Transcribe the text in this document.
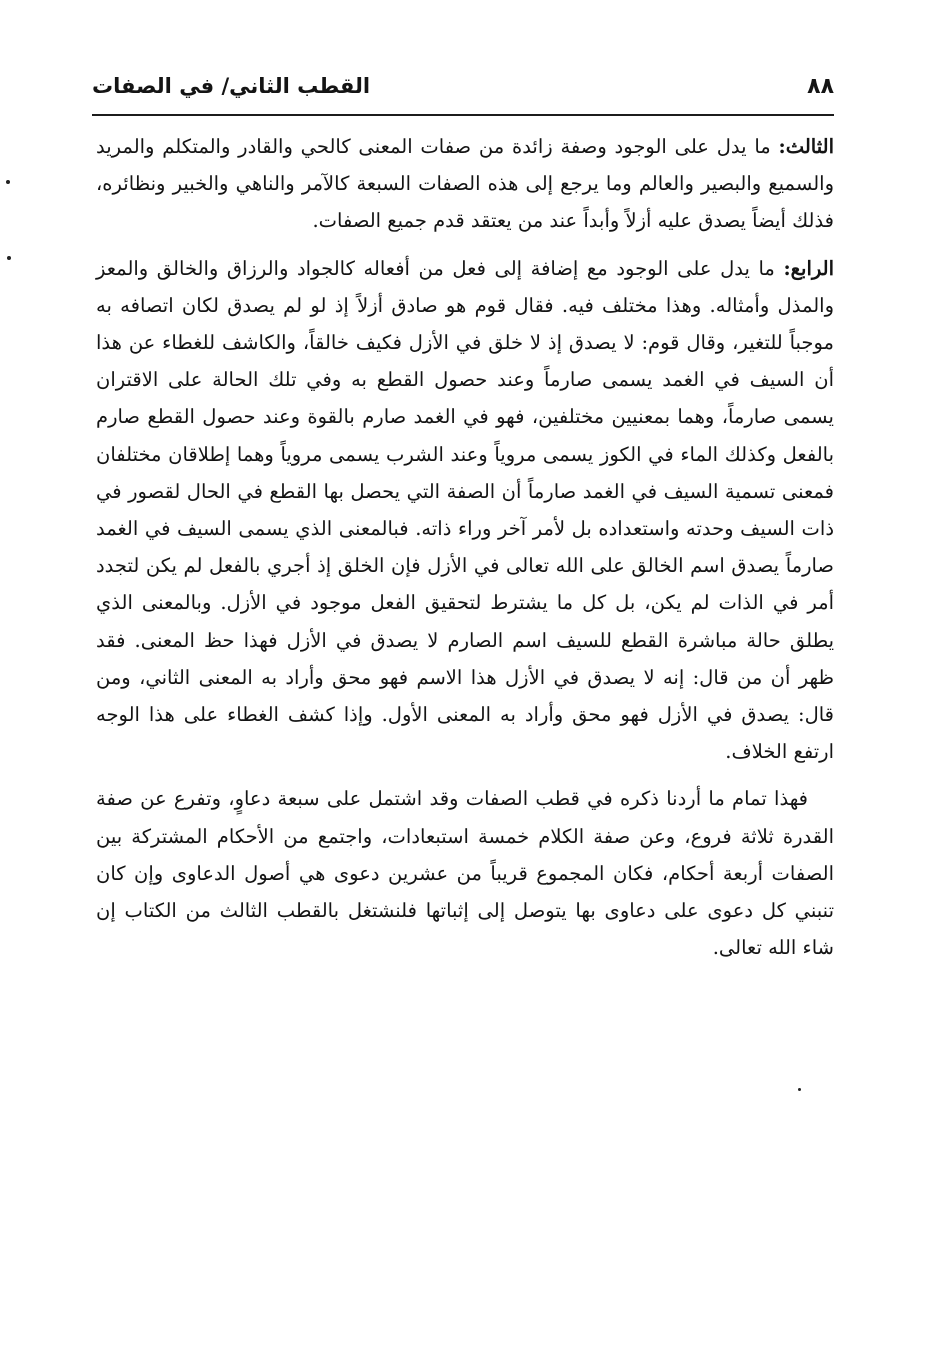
٨٨
القطب الثاني/ في الصفات

الثالث: ما يدل على الوجود وصفة زائدة من صفات المعنى كالحي والقادر والمتكلم والمريد والسميع والبصير والعالم وما يرجع إلى هذه الصفات السبعة كالآمر والناهي والخبير ونظائره، فذلك أيضاً يصدق عليه أزلاً وأبداً عند من يعتقد قدم جميع الصفات.

الرابع: ما يدل على الوجود مع إضافة إلى فعل من أفعاله كالجواد والرزاق والخالق والمعز والمذل وأمثاله. وهذا مختلف فيه. فقال قوم هو صادق أزلاً إذ لو لم يصدق لكان اتصافه به موجباً للتغير، وقال قوم: لا يصدق إذ لا خلق في الأزل فكيف خالقاً، والكاشف للغطاء عن هذا أن السيف في الغمد يسمى صارماً وعند حصول القطع به وفي تلك الحالة على الاقتران يسمى صارماً، وهما بمعنيين مختلفين، فهو في الغمد صارم بالقوة وعند حصول القطع صارم بالفعل وكذلك الماء في الكوز يسمى مروياً وعند الشرب يسمى مروياً وهما إطلاقان مختلفان فمعنى تسمية السيف في الغمد صارماً أن الصفة التي يحصل بها القطع في الحال لقصور في ذات السيف وحدته واستعداده بل لأمر آخر وراء ذاته. فبالمعنى الذي يسمى السيف في الغمد صارماً يصدق اسم الخالق على الله تعالى في الأزل فإن الخلق إذ أجري بالفعل لم يكن لتجدد أمر في الذات لم يكن، بل كل ما يشترط لتحقيق الفعل موجود في الأزل. وبالمعنى الذي يطلق حالة مباشرة القطع للسيف اسم الصارم لا يصدق في الأزل فهذا حظ المعنى. فقد ظهر أن من قال: إنه لا يصدق في الأزل هذا الاسم فهو محق وأراد به المعنى الثاني، ومن قال: يصدق في الأزل فهو محق وأراد به المعنى الأول. وإذا كشف الغطاء على هذا الوجه ارتفع الخلاف.

فهذا تمام ما أردنا ذكره في قطب الصفات وقد اشتمل على سبعة دعاوٍ، وتفرع عن صفة القدرة ثلاثة فروع، وعن صفة الكلام خمسة استبعادات، واجتمع من الأحكام المشتركة بين الصفات أربعة أحكام، فكان المجموع قريباً من عشرين دعوى هي أصول الدعاوى وإن كان تنبني كل دعوى على دعاوى بها يتوصل إلى إثباتها فلنشتغل بالقطب الثالث من الكتاب إن شاء الله تعالى.
